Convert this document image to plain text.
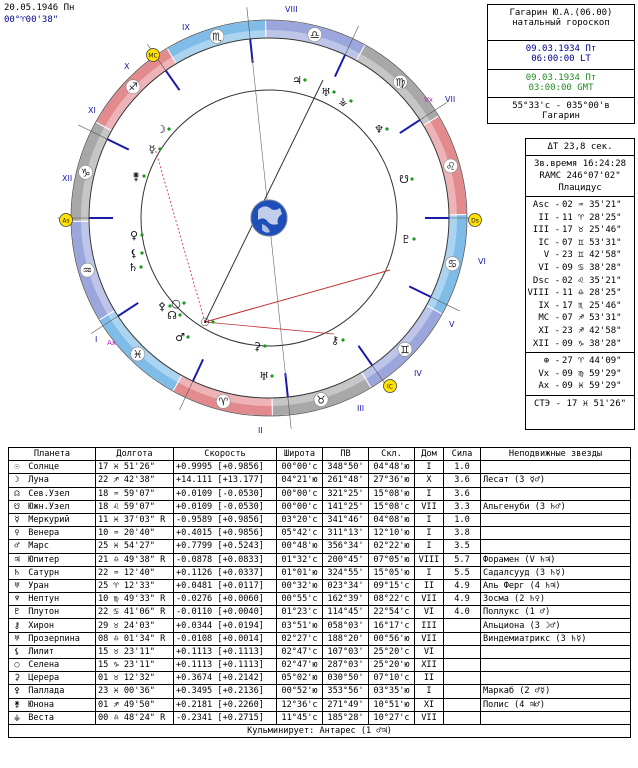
20.05.1946 Пн
00°♈00'38"
♈	♉
♊
♋
♌
♍
♎
♏
♐
♑
♒
♓
I
II
III
IV
V
VI
VII
VIII
IX
X
XI
XII
As	Ds
MC
IC
Vx
Ax
☉
☽
☊
☋
☿
♀
♂
♃
♄
♅
♆
♇
⚷
⚸
○
⚳
⚴
⚵
⚶
♅
Гагарин Ю.А.(06.00)
натальный гороскоп
09.03.1934 Пт
06:00:00 LT
09.03.1934 Пт
03:00:00 GMT
55°33'с - 035°00'в
Гагарин
ΔT 23,8 сек.
Зв.время 16:24:28
RAMC 246°07'02"
Плацидус
Asc - 02 ♒ 35'21"
II - 11 ♈ 28'25"
III - 17 ♉ 25'46"
IC - 07 ♊ 53'31"
V - 23 ♊ 42'58"
VI - 09 ♋ 38'28"
Dsc - 02 ♌ 35'21"
VIII - 11 ♎ 28'25"
IX - 17 ♏ 25'46"
MC - 07 ♐ 53'31"
XI - 23 ♐ 42'58"
XII - 09 ♑ 38'28"
⊕ - 27 ♈ 44'09"
Vx - 09 ♍ 59'29"
Ax - 09 ♓ 59'29"
СТЭ - 17 ♓ 51'26"
Планета	Долгота	Скорость	Широта	ПВ	Скл.	Дом	Сила	Неподвижные звезды
☉ Солнце	17 ♓ 51'26"	+0.9995 [+0.9856]	00°00'с	348°50'	04°48'ю	I	1.0	
☽ Луна	22 ♐ 42'38"	+14.111 [+13.177]	04°21'ю	261°48'	27°36'ю	X	3.6	Лесат (3 ☿♂)
☊ Сев.Узел	18 ♒ 59'07"	+0.0109 [-0.0530]	00°00'с	321°25'	15°08'ю	I	3.6	
☋ Южн.Узел	18 ♌ 59'07"	+0.0109 [-0.0530]	00°00'с	141°25'	15°08'с	VII	3.3	Альгенуби (3 ♄♂)
☿ Меркурий	11 ♓ 37'03" R	-0.9589 [+0.9856]	03°20'с	341°46'	04°08'ю	I	1.0	
♀ Венера	10 ♒ 20'40"	+0.4015 [+0.9856]	05°42'с	311°13'	12°10'ю	I	3.8	
♂ Марс	25 ♓ 54'27"	+0.7799 [+0.5243]	00°48'ю	356°34'	02°22'ю	I	3.5	
♃ Юпитер	21 ♎ 49'38" R	-0.0878 [+0.0833]	01°32'с	200°45'	07°05'ю	VIII	5.7	Форамен (V ♄♃)
♄ Сатурн	22 ♒ 12'40"	+0.1126 [+0.0337]	01°01'ю	324°55'	15°05'ю	I	5.5	Садалсууд (3 ♄☿)
♅ Уран	25 ♈ 12'33"	+0.0481 [+0.0117]	00°32'ю	023°34'	09°15'с	II	4.9	Аль Ферг (4 ♄♃)
♆ Нептун	10 ♍ 49'33" R	-0.0276 [+0.0060]	00°55'с	162°39'	08°22'с	VII	4.9	Зосма (2 ♄♀)
♇ Плутон	22 ♋ 41'06" R	-0.0110 [+0.0040]	01°23'с	114°45'	22°54'с	VI	4.0	Поллукс (1 ♂)
⚷ Хирон	29 ♉ 24'03"	+0.0344 [+0.0194]	03°51'ю	058°03'	16°17'с	III		Альциона (3 ☽♂)
♅ Прозерпина	08 ♎ 01'34" R	-0.0108 [+0.0014]	02°27'с	188°20'	00°56'ю	VII		Виндемиатрикс (3 ♄☿)
⚸ Лилит	15 ♉ 23'11"	+0.1113 [+0.1113]	02°47'с	107°03'	25°20'с	VI		
○ Селена	15 ♑ 23'11"	+0.1113 [+0.1113]	02°47'ю	287°03'	25°20'ю	XII		
⚳ Церера	01 ♉ 12'32"	+0.3674 [+0.2142]	05°02'ю	030°50'	07°10'с	II		
⚴ Паллада	23 ♓ 00'36"	+0.3495 [+0.2136]	00°52'ю	353°56'	03°35'ю	I		Маркаб (2 ♂☿)
⚵ Юнона	01 ♐ 49'50"	+0.2181 [+0.2260]	12°36'с	271°49'	10°51'ю	XI		Полис (4 ♃♂)
⚶ Веста	00 ♎ 48'24" R	-0.2341 [+0.2715]	11°45'с	185°28'	10°27'с	VII		
Кульминирует: Антарес (1 ♂♃)								
